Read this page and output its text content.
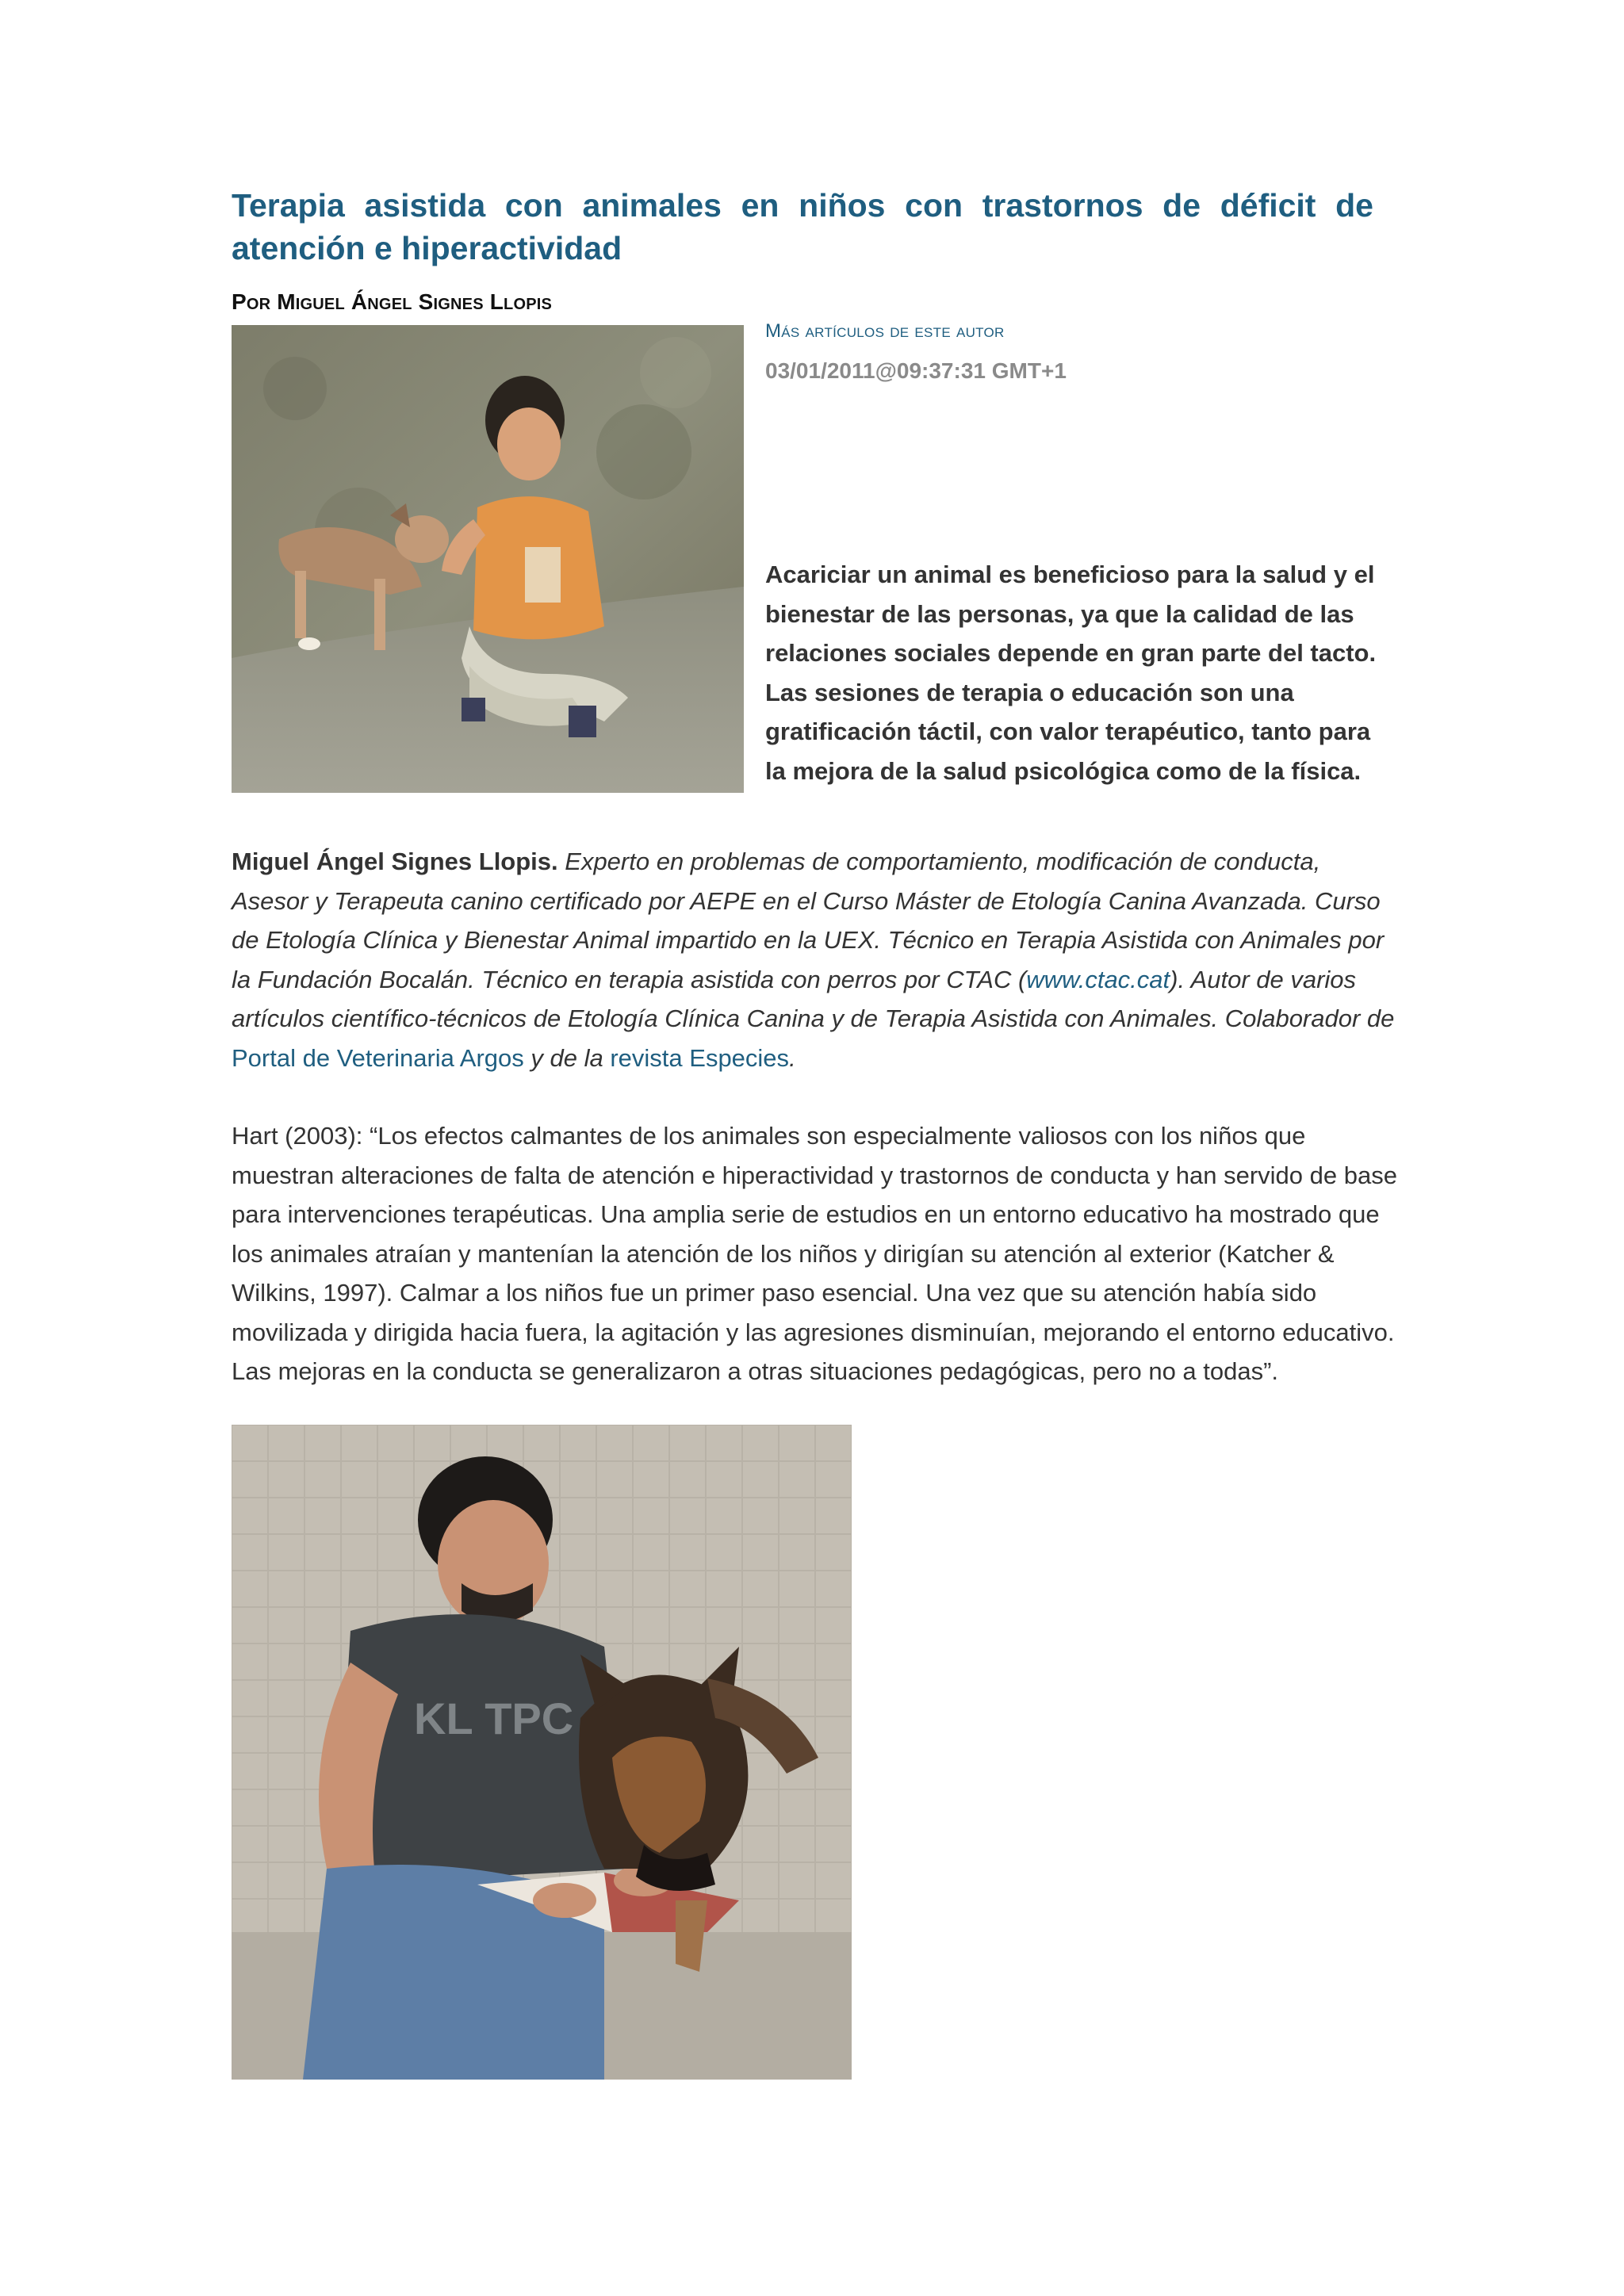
Terapia asistida con animales en niños con trastornos de déficit de atención e hiperactividad
Por Miguel Ángel Signes Llopis
Más artículos de este autor
03/01/2011@09:37:31 GMT+1

Acariciar un animal es beneficioso para la salud y el bienestar de las personas, ya que la calidad de las relaciones sociales depende en gran parte del tacto. Las sesiones de terapia o educación son una gratificación táctil, con valor terapéutico, tanto para la mejora de la salud psicológica como de la física.

Miguel Ángel Signes Llopis. Experto en problemas de comportamiento, modificación de conducta, Asesor y Terapeuta canino certificado por AEPE en el Curso Máster de Etología Canina Avanzada. Curso de Etología Clínica y Bienestar Animal impartido en la UEX. Técnico en Terapia Asistida con Animales por la Fundación Bocalán. Técnico en terapia asistida con perros por CTAC (www.ctac.cat). Autor de varios artículos científico-técnicos de Etología Clínica Canina y de Terapia Asistida con Animales. Colaborador de Portal de Veterinaria Argos y de la revista Especies.

Hart (2003): “Los efectos calmantes de los animales son especialmente valiosos con los niños que muestran alteraciones de falta de atención e hiperactividad y trastornos de conducta y han servido de base para intervenciones terapéuticas. Una amplia serie de estudios en un entorno educativo ha mostrado que los animales atraían y mantenían la atención de los niños y dirigían su atención al exterior (Katcher & Wilkins, 1997). Calmar a los niños fue un primer paso esencial. Una vez que su atención había sido movilizada y dirigida hacia fuera, la agitación y las agresiones disminuían, mejorando el entorno educativo. Las mejoras en la conducta se generalizaron a otras situaciones pedagógicas, pero no a todas”.

KL TPC
